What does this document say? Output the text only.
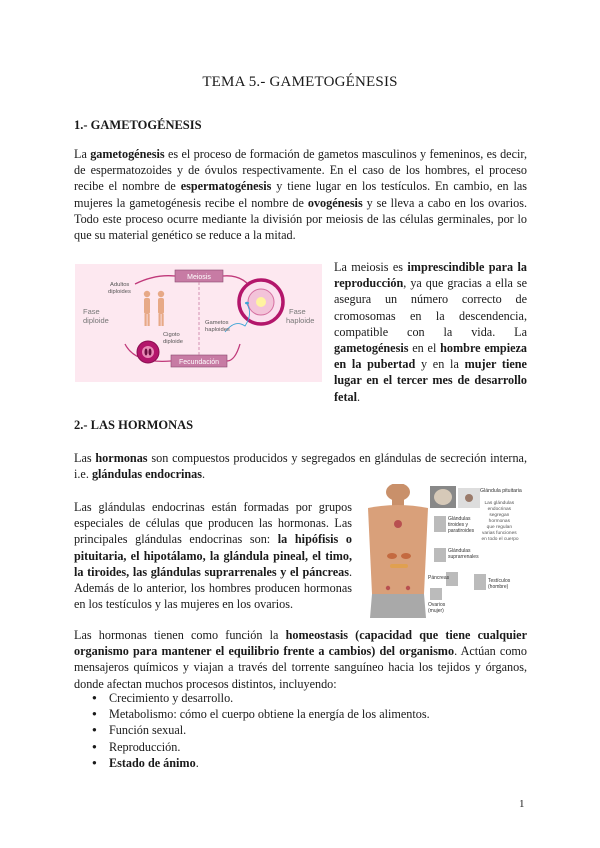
TEMA 5.- GAMETOGÉNESIS
1.- GAMETOGÉNESIS
La gametogénesis es el proceso de formación de gametos masculinos y femeninos, es decir, de espermatozoides y de óvulos respectivamente. En el caso de los hombres, el proceso recibe el nombre de espermatogénesis y tiene lugar en los testículos. En cambio, en las mujeres la gametogénesis recibe el nombre de ovogénesis y se lleva a cabo en los ovarios. Todo este proceso ocurre mediante la división por meiosis de las células germinales, por lo que su material genético se reduce a la mitad.
Meiosis
Fecundación
Adultos diploides
Fase diploide
Cigoto diploide
Gametos haploides
Fase haploide
La meiosis es imprescindible para la reproducción, ya que gracias a ella se asegura un número correcto de cromosomas en la descendencia, compatible con la vida. La gametogénesis en el hombre empieza en la pubertad y en la mujer tiene lugar en el tercer mes de desarrollo fetal.
2.- LAS HORMONAS
Las hormonas son compuestos producidos y segregados en glándulas de secreción interna, i.e. glándulas endocrinas.
Las glándulas endocrinas están formadas por grupos especiales de células que producen las hormonas. Las principales glándulas endocrinas son: la hipófisis o pituitaria, el hipotálamo, la glándula pineal, el timo, la tiroides, las glándulas suprarrenales y el páncreas. Además de lo anterior, los hombres producen hormonas en los testículos y las mujeres en los ovarios.
Glándula pituitaria
Las glándulas endocrinas segregan hormonas que regulan varias funciones en todo el cuerpo
Glándulas tiroides y paratiroides
Glándulas suprarrenales
Páncreas
Ovarios (mujer)
Testículos (hombre)
Las hormonas tienen como función la homeostasis (capacidad que tiene cualquier organismo para mantener el equilibrio frente a cambios) del organismo. Actúan como mensajeros químicos y viajan a través del torrente sanguíneo hacia los tejidos y órganos, donde afectan muchos procesos distintos, incluyendo:
● Crecimiento y desarrollo.
● Metabolismo: cómo el cuerpo obtiene la energía de los alimentos.
● Función sexual.
● Reproducción.
● Estado de ánimo.
1
